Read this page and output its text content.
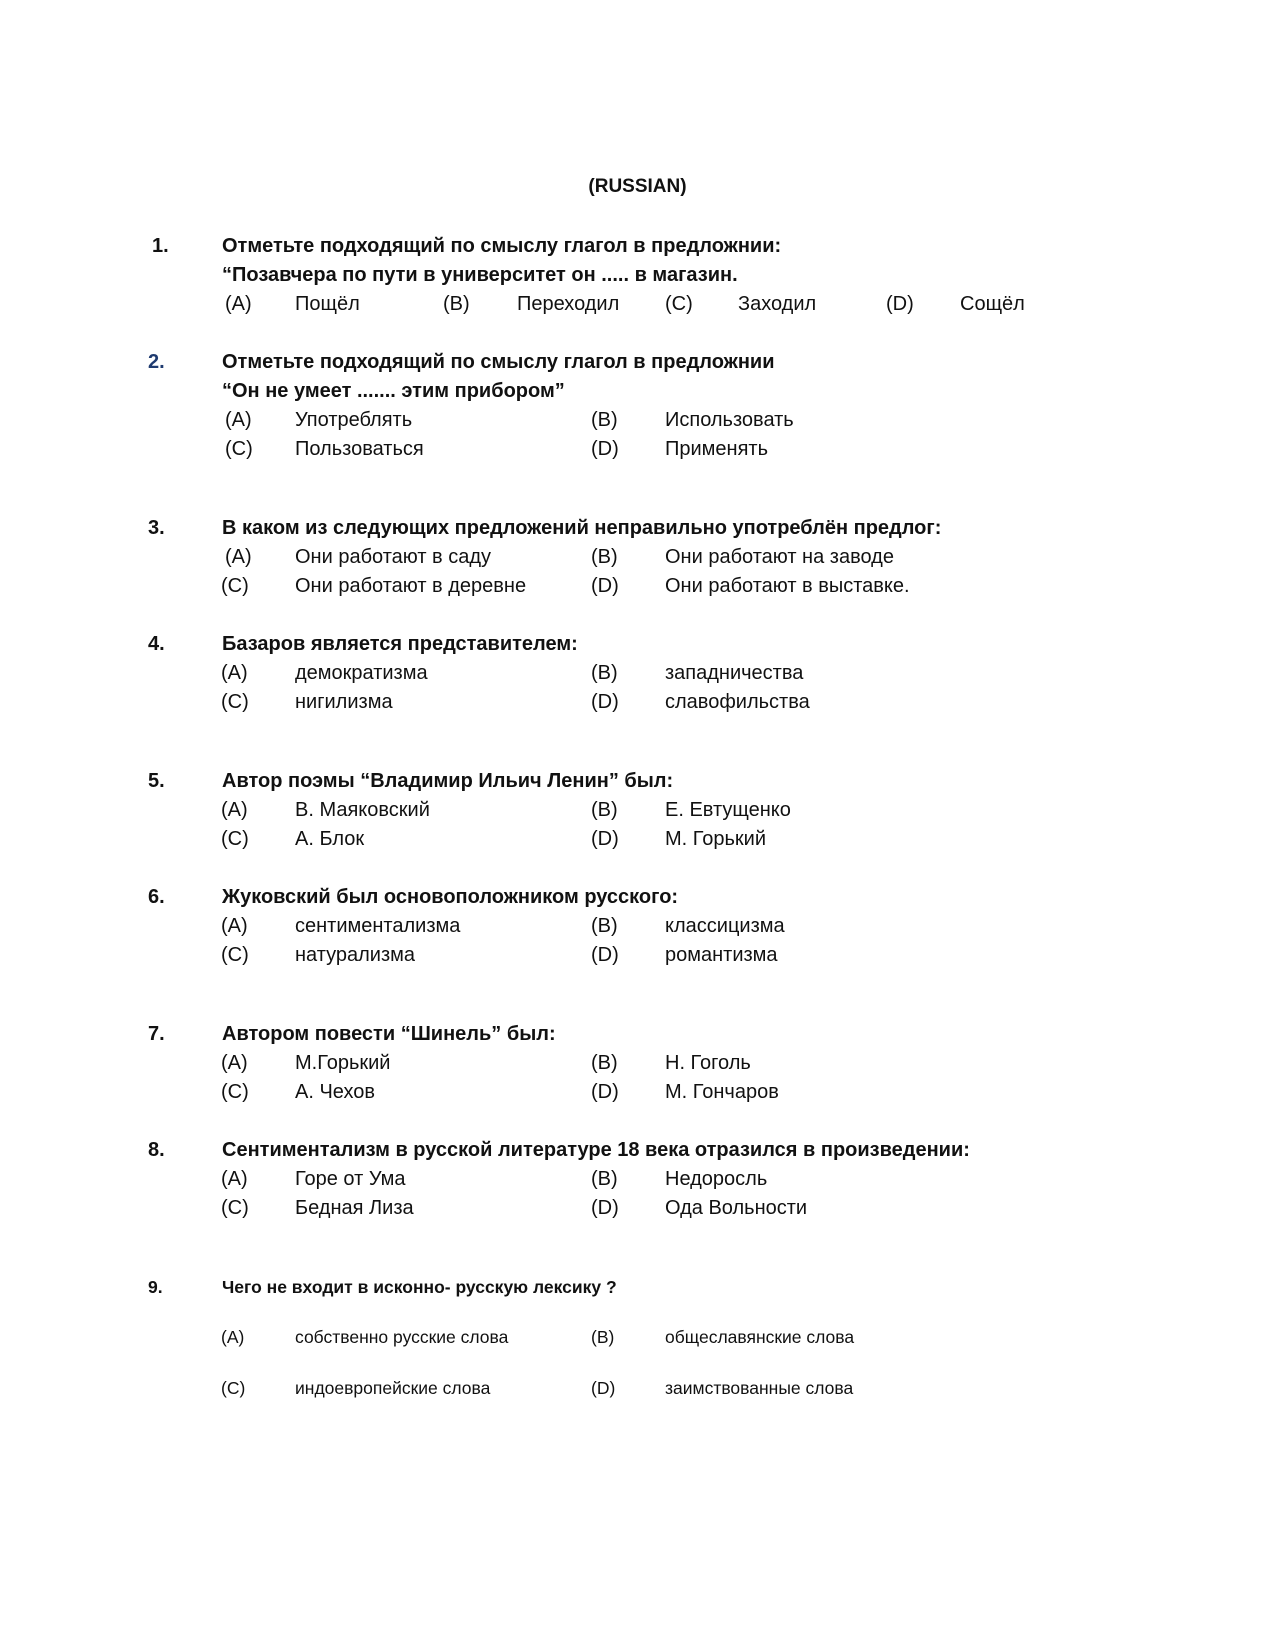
(RUSSIAN)
1.	Отметьте подходящий по смыслу глагол в предложнии:
“Позавчера по пути в университет он ..... в магазин.
(A) Пощёл	(B) Переходил (C) Заходил	(D) Сощёл
2.	Отметьте подходящий по смыслу глагол в предложнии
“Он не умеет ....... этим прибором”
(A) Употреблять	(B) Использовать
(C) Пользоваться	(D) Применять
3.	В каком из следующих предложений неправильно употреблён предлог:
(A) Они работают в саду	(B) Они работают на заводе
(C) Они работают в деревне	(D) Они работают в выставке.
4.	Базаров является представителем:
(A) демократизма	(B) западничества
(C) нигилизма	(D) славофильства
5.	Автор поэмы “Владимир Ильич Ленин” был:
(A) В. Маяковский	(B) Е. Евтущенко
(C) А. Блок	(D) М. Горький
6.	Жуковский был основоположником русского:
(A) сентиментализма	(B) классицизма
(C) натурализма	(D) романтизма
7.	Автором повести “Шинель” был:
(A) М.Горький	(B) Н. Гоголь
(C) А. Чехов	(D) М. Гончаров
8.	Сентиментализм в русской литературе 18 века отразился в произведении:
(A) Горе от Ума	(B) Недоросль
(C) Бедная Лиза	(D) Ода Вольности
9.	Чего не входит в исконно- русскую лексику ?
(A)	собственно русские слова	(B)	общеславянские слова
(C)	индоевропейские слова	(D)	заимствованные слова
